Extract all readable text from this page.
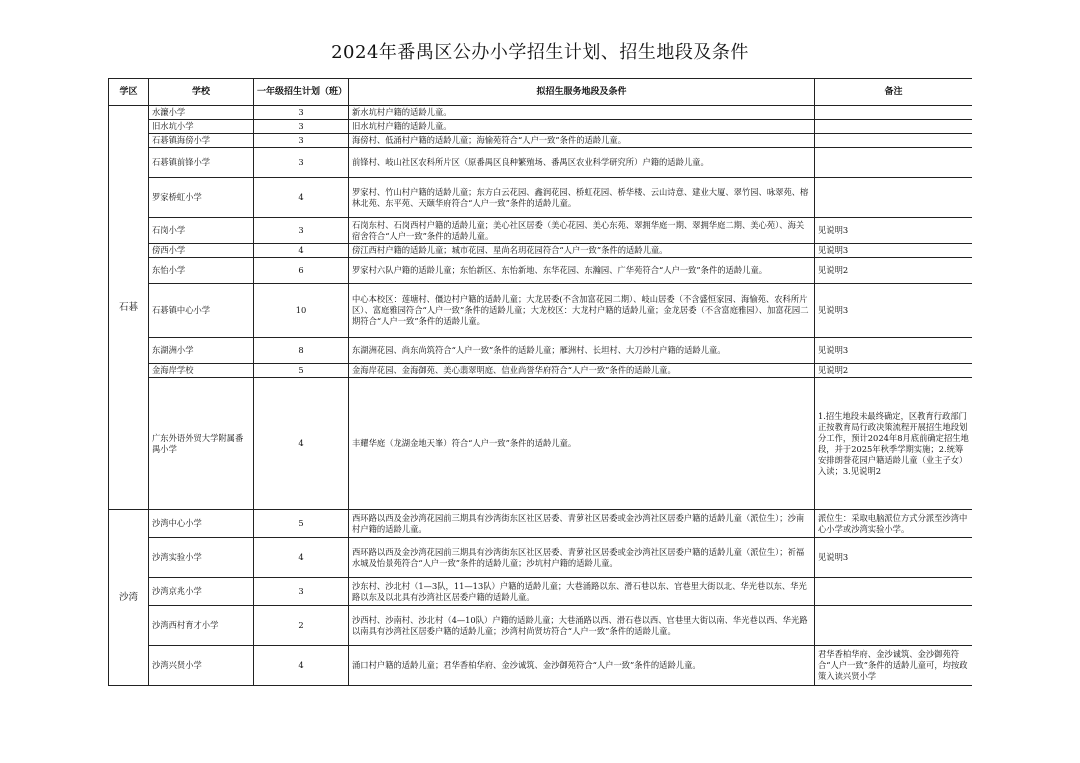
2024年番禺区公办小学招生计划、招生地段及条件
学区	学校	一年级招生计划（班）	拟招生服务地段及条件	备注
石碁	水濂小学	3	新水坑村户籍的适龄儿童。	
	旧水坑小学	3	旧水坑村户籍的适龄儿童。	
	石碁镇海傍小学	3	海傍村、低涌村户籍的适龄儿童；海愉苑符合“人户一致”条件的适龄儿童。	
	石碁镇前锋小学	3	前锋村、岐山社区农科所片区（原番禺区良种繁殖场、番禺区农业科学研究所）户籍的适龄儿童。	
	罗家桥虹小学	4	罗家村、竹山村户籍的适龄儿童；东方白云花园、鑫润花园、桥虹花园、桥华楼、云山诗意、建业大厦、翠竹园、咏翠苑、榕林北苑、东平苑、天颐华府符合“人户一致”条件的适龄儿童。	
	石岗小学	3	石岗东村、石岗西村户籍的适龄儿童；美心社区居委（美心花园、美心东苑、翠拥华庭一期、翠拥华庭二期、美心苑）、海关宿舍符合“人户一致”条件的适龄儿童。	见说明3
	傍西小学	4	傍江西村户籍的适龄儿童；城市花园、星尚名玥花园符合“人户一致”条件的适龄儿童。	见说明3
	东怡小学	6	罗家村六队户籍的适龄儿童；东怡新区、东怡新地、东华花园、东瀚园、广华苑符合“人户一致”条件的适龄儿童。	见说明2
	石碁镇中心小学	10	中心本校区：莲塘村、僵边村户籍的适龄儿童；大龙居委(不含加富花园二期）、岐山居委（不含盛恒家园、海愉苑、农科所片区）、富庭雅园符合“人户一致”条件的适龄儿童；大龙校区：大龙村户籍的适龄儿童；金龙居委（不含富庭雅园）、加富花园二期符合“人户一致”条件的适龄儿童。	见说明3
	东湖洲小学	8	东湖洲花园、尚东尚筑符合“人户一致”条件的适龄儿童；雁洲村、长坦村、大刀沙村户籍的适龄儿童。	见说明3
	金海岸学校	5	金海岸花园、金海御苑、美心翡翠明庭、信业尚誉华府符合“人户一致”条件的适龄儿童。	见说明2
	广东外语外贸大学附属番禺小学	4	丰耀华庭（龙湖金地天峯）符合“人户一致”条件的适龄儿童。	1.招生地段未最终确定，区教育行政部门正按教育局行政决策流程开展招生地段划分工作，预计2024年8月底前确定招生地段，并于2025年秋季学期实施；2.统筹安排朗誉花园户籍适龄儿童（业主子女）入读；3.见说明2
沙湾	沙湾中心小学	5	西环路以西及金沙湾花园前三期具有沙湾街东区社区居委、青萝社区居委或金沙湾社区居委户籍的适龄儿童（派位生）；沙南村户籍的适龄儿童。	派位生：采取电脑派位方式分派至沙湾中心小学或沙湾实验小学。
	沙湾实验小学	4	西环路以西及金沙湾花园前三期具有沙湾街东区社区居委、青萝社区居委或金沙湾社区居委户籍的适龄儿童（派位生）；祈福水城及怡景苑符合“人户一致”条件的适龄儿童；沙坑村户籍的适龄儿童。	见说明3
	沙湾京兆小学	3	沙东村、沙北村（1—3队，11—13队）户籍的适龄儿童；大巷涌路以东、滑石巷以东、官巷里大街以北、华光巷以东、华光路以东及以北具有沙湾社区居委户籍的适龄儿童。	
	沙湾西村育才小学	2	沙西村、沙南村、沙北村（4—10队）户籍的适龄儿童；大巷涌路以西、滑石巷以西、官巷里大街以南、华光巷以西、华光路以南具有沙湾社区居委户籍的适龄儿童；沙湾村尚贤坊符合“人户一致”条件的适龄儿童。	
	沙湾兴贤小学	4	涌口村户籍的适龄儿童；君华香柏华府、金沙诚筑、金沙御苑符合“人户一致”条件的适龄儿童。	君华香柏华府、金沙诚筑、金沙御苑符合“人户一致”条件的适龄儿童可，均按政策入读兴贤小学
